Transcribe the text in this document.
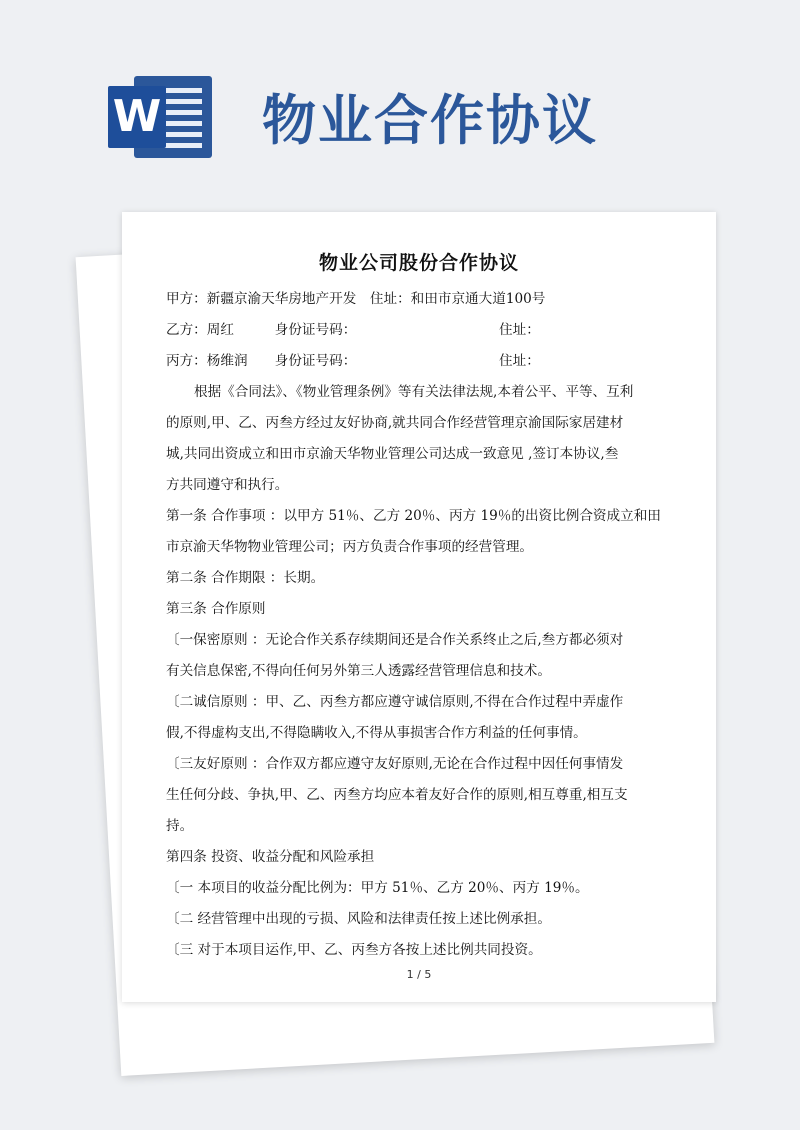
W 物业合作协议
物业公司股份合作协议
甲方：新疆京渝天华房地产开发　住址：和田市京通大道100号
乙方：周红　　　身份证号码：　　　　　　　　　　　住址：
丙方：杨维润　　身份证号码：　　　　　　　　　　　住址：
根据《合同法》、《物业管理条例》等有关法律法规,本着公平、平等、互利
的原则,甲、乙、丙叁方经过友好协商,就共同合作经营管理京渝国际家居建材
城,共同出资成立和田市京渝天华物业管理公司达成一致意见 ,签订本协议,叁
方共同遵守和执行。
第一条 合作事项 ：以甲方 51％、乙方 20％、丙方 19％的出资比例合资成立和田
市京渝天华物物业管理公司；丙方负责合作事项的经营管理。
第二条 合作期限 ：长期。
第三条 合作原则
〔一保密原则 ：无论合作关系存续期间还是合作关系终止之后,叁方都必须对
有关信息保密,不得向任何另外第三人透露经营管理信息和技术。
〔二诚信原则 ：甲、乙、丙叁方都应遵守诚信原则,不得在合作过程中弄虚作
假,不得虚构支出,不得隐瞒收入,不得从事损害合作方利益的任何事情。
〔三友好原则 ：合作双方都应遵守友好原则,无论在合作过程中因任何事情发
生任何分歧、争执,甲、乙、丙叁方均应本着友好合作的原则,相互尊重,相互支
持。
第四条 投资、收益分配和风险承担
〔一 本项目的收益分配比例为：甲方 51％、乙方 20％、丙方 19％。
〔二 经营管理中出现的亏损、风险和法律责任按上述比例承担。
〔三 对于本项目运作,甲、乙、丙叁方各按上述比例共同投资。
1 / 5
